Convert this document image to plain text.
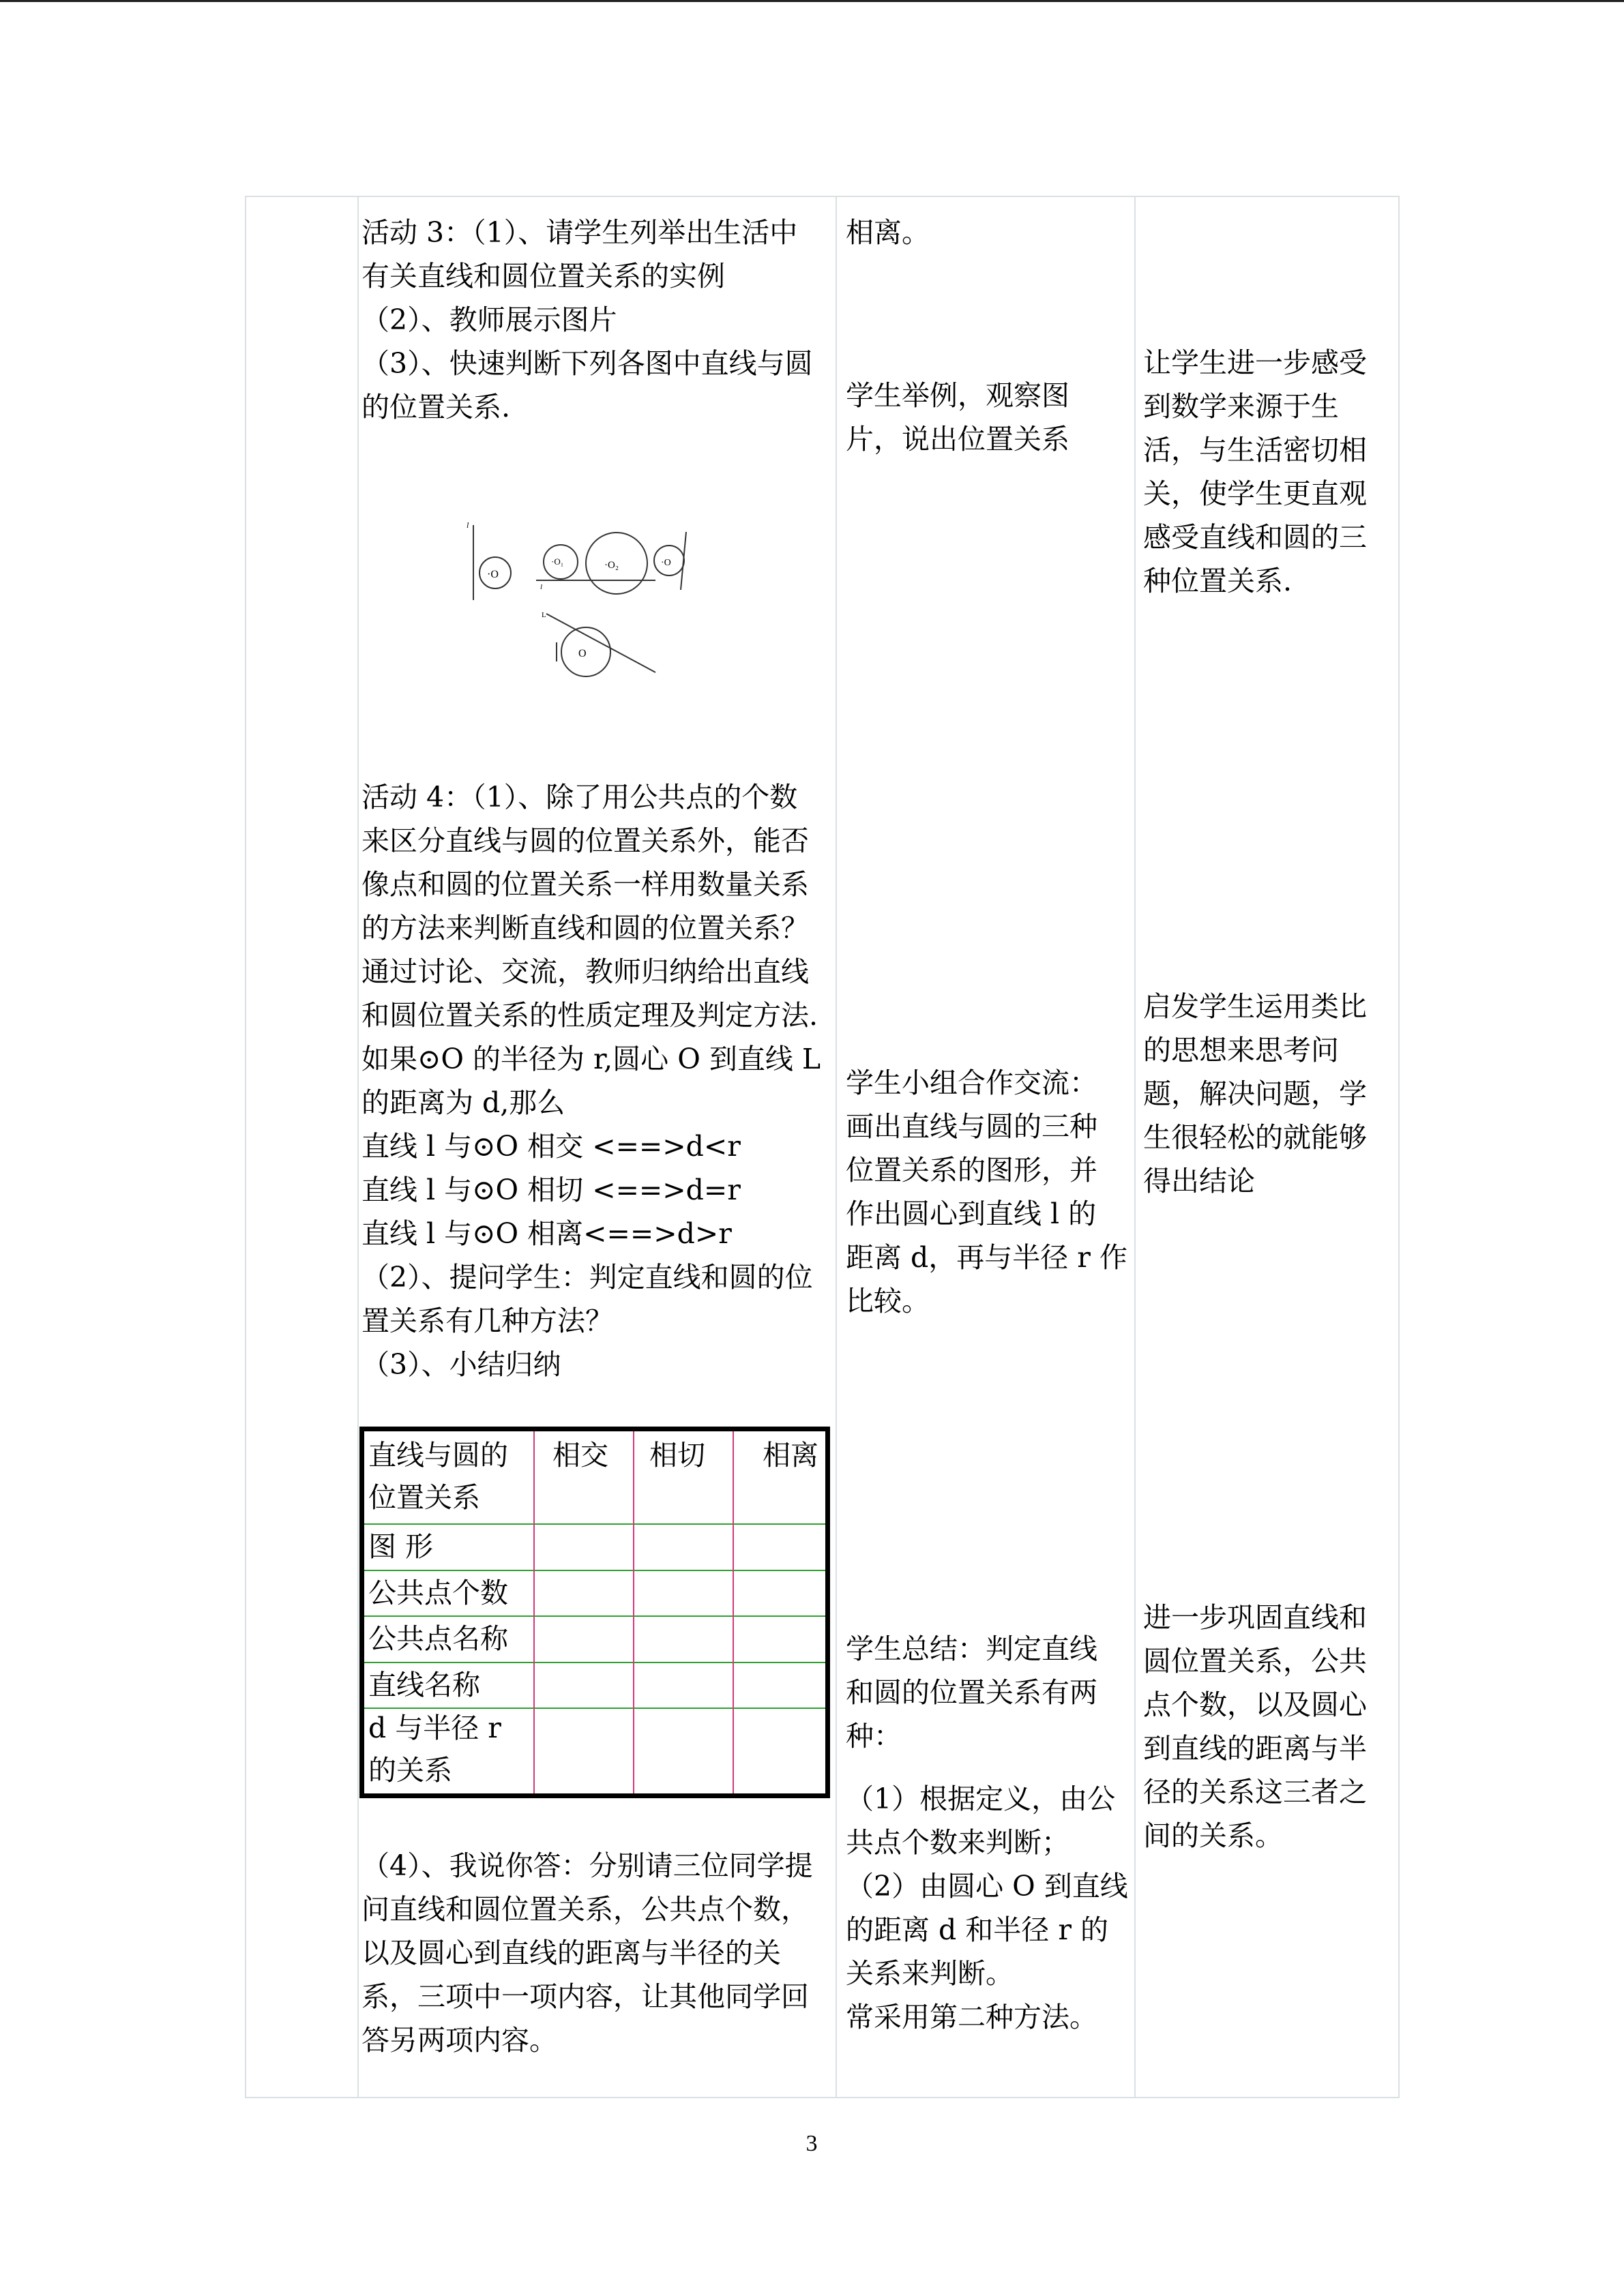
活动 3：（1）、请学生列举出生活中

有关直线和圆位置关系的实例

（2）、教师展示图片

（3）、快速判断下列各图中直线与圆

的位置关系.

l
·O
l
·O₁	·O₂	·O
L
O

活动 4：（1）、除了用公共点的个数

来区分直线与圆的位置关系外，能否

像点和圆的位置关系一样用数量关系

的方法来判断直线和圆的位置关系？

通过讨论、交流，教师归纳给出直线

和圆位置关系的性质定理及判定方法.

如果⊙O 的半径为 r,圆心 O 到直线 L

的距离为 d,那么

直线 l 与⊙O 相交 <==>d<r

直线 l 与⊙O 相切 <==>d=r

直线 l 与⊙O 相离<==>d>r

（2）、提问学生：判定直线和圆的位

置关系有几种方法？

（3）、小结归纳

直线与圆的
位置关系
相交 相切 相离
图 形
公共点个数
公共点名称
直线名称
d 与半径 r
的关系

（4）、我说你答：分别请三位同学提

问直线和圆位置关系，公共点个数，

以及圆心到直线的距离与半径的关

系，三项中一项内容，让其他同学回

答另两项内容。

相离。

学生举例，观察图

片，说出位置关系

学生小组合作交流：

画出直线与圆的三种

位置关系的图形，并

作出圆心到直线 l 的

距离 d，再与半径 r 作

比较。

学生总结：判定直线

和圆的位置关系有两

种：

（1）根据定义，由公

共点个数来判断；

（2）由圆心 O 到直线

的距离 d 和半径 r 的

关系来判断。

常采用第二种方法。

让学生进一步感受

到数学来源于生

活，与生活密切相

关，使学生更直观

感受直线和圆的三

种位置关系.

启发学生运用类比

的思想来思考问

题，解决问题，学

生很轻松的就能够

得出结论

进一步巩固直线和

圆位置关系，公共

点个数，以及圆心

到直线的距离与半

径的关系这三者之

间的关系。

3
